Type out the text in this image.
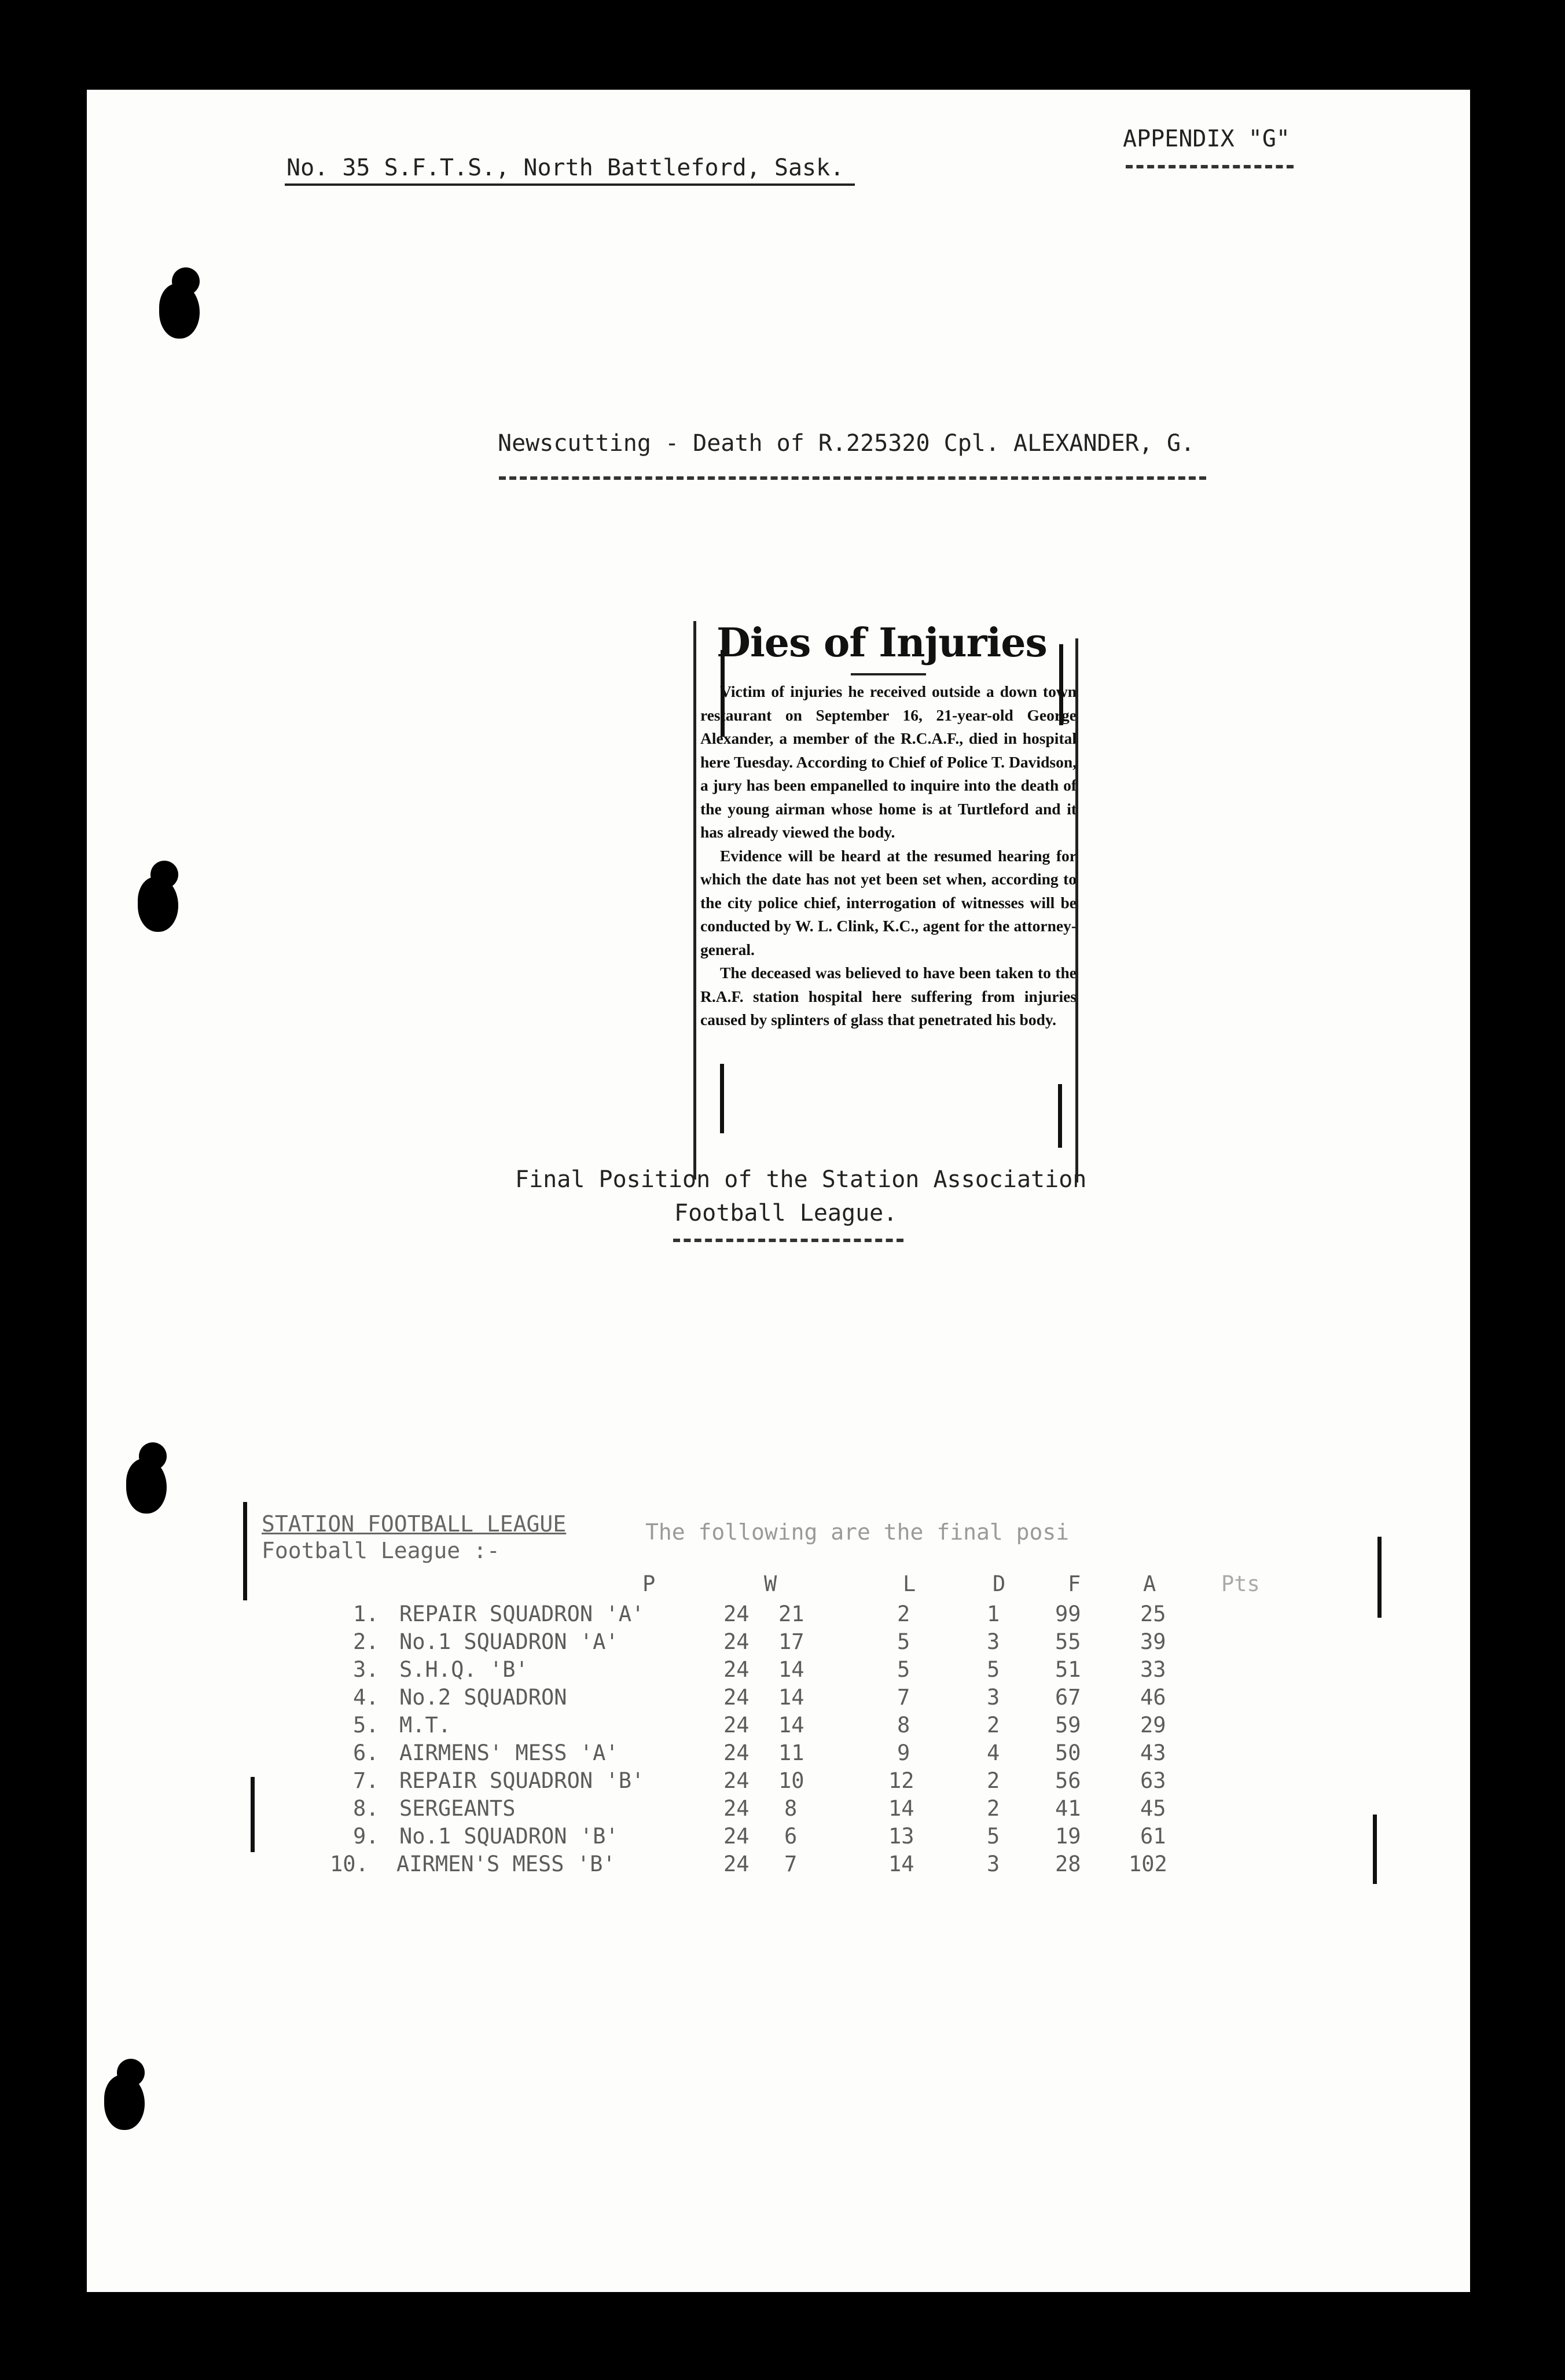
No. 35 S.F.T.S., North Battleford, Sask.
APPENDIX "G"
Newscutting - Death of R.225320 Cpl. ALEXANDER, G.
Dies of Injuries

Victim of injuries he received outside a down town restaurant on September 16, 21-year-old George Alexander, a member of the R.C.A.F., died in hospital here Tuesday. According to Chief of Police T. Davidson, a jury has been empanelled to inquire into the death of the young airman whose home is at Turtleford and it has already viewed the body.

Evidence will be heard at the resumed hearing for which the date has not yet been set when, according to the city police chief, interrogation of witnesses will be conducted by W. L. Clink, K.C., agent for the attorney-general.

The deceased was believed to have been taken to the R.A.F. station hospital here suffering from injuries caused by splinters of glass that penetrated his body.

Final Position of the Station Association
Football League.
STATION FOOTBALL LEAGUE
Football League :-
The following are the final posi
P	W	L	D	F	A	Pts
1. REPAIR SQUADRON 'A'	24 21	2	1	99	25
2. No.1 SQUADRON 'A'	24 17	5	3	55	39
3. S.H.Q. 'B'	24 14	5	5	51	33
4. No.2 SQUADRON	24 14	7	3	67	46
5. M.T.	24 14	8	2	59	29
6. AIRMENS' MESS 'A'	24 11	9	4	50	43
7. REPAIR SQUADRON 'B'	24 10	12	2	56	63
8. SERGEANTS	24 8	14	2	41	45
9. No.1 SQUADRON 'B'	24 6	13	5	19	61
10. AIRMEN'S MESS 'B'	24 7	14	3	28 102
